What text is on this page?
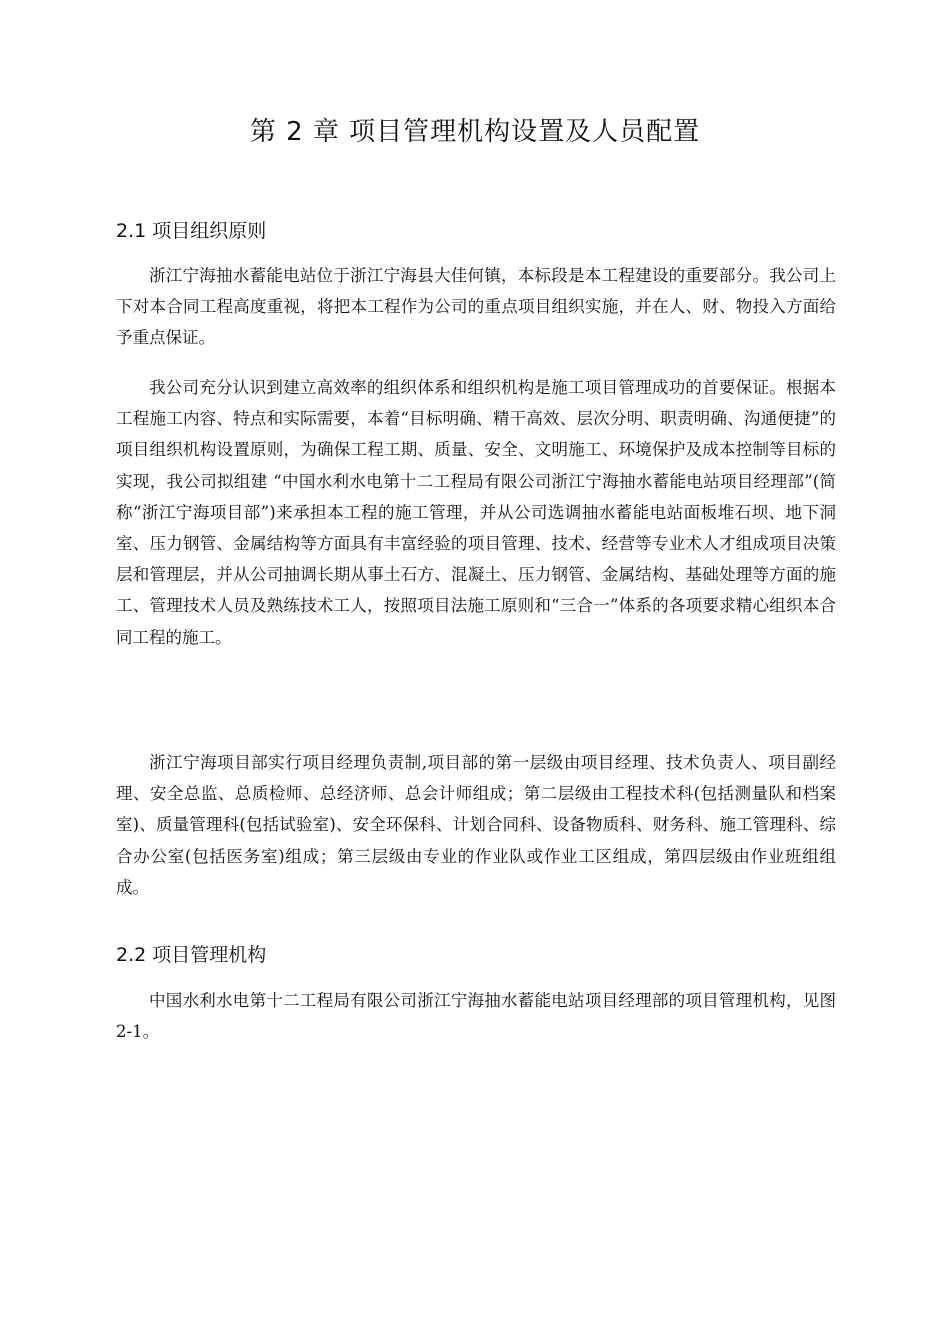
第 2 章 项目管理机构设置及人员配置
2.1 项目组织原则

浙江宁海抽水蓄能电站位于浙江宁海县大佳何镇，本标段是本工程建设的重要部分。我公司上下对本合同工程高度重视，将把本工程作为公司的重点项目组织实施，并在人、财、物投入方面给予重点保证。

我公司充分认识到建立高效率的组织体系和组织机构是施工项目管理成功的首要保证。根据本工程施工内容、特点和实际需要，本着“目标明确、精干高效、层次分明、职责明确、沟通便捷”的项目组织机构设置原则，为确保工程工期、质量、安全、文明施工、环境保护及成本控制等目标的实现，我公司拟组建 “中国水利水电第十二工程局有限公司浙江宁海抽水蓄能电站项目经理部”(简称“浙江宁海项目部”)来承担本工程的施工管理，并从公司选调抽水蓄能电站面板堆石坝、地下洞室、压力钢管、金属结构等方面具有丰富经验的项目管理、技术、经营等专业术人才组成项目决策层和管理层，并从公司抽调长期从事土石方、混凝土、压力钢管、金属结构、基础处理等方面的施工、管理技术人员及熟练技术工人，按照项目法施工原则和“三合一”体系的各项要求精心组织本合同工程的施工。

浙江宁海项目部实行项目经理负责制,项目部的第一层级由项目经理、技术负责人、项目副经理、安全总监、总质检师、总经济师、总会计师组成；第二层级由工程技术科(包括测量队和档案室)、质量管理科(包括试验室)、安全环保科、计划合同科、设备物质科、财务科、施工管理科、综合办公室(包括医务室)组成；第三层级由专业的作业队或作业工区组成，第四层级由作业班组组成。

2.2 项目管理机构

中国水利水电第十二工程局有限公司浙江宁海抽水蓄能电站项目经理部的项目管理机构，见图 2-1。
